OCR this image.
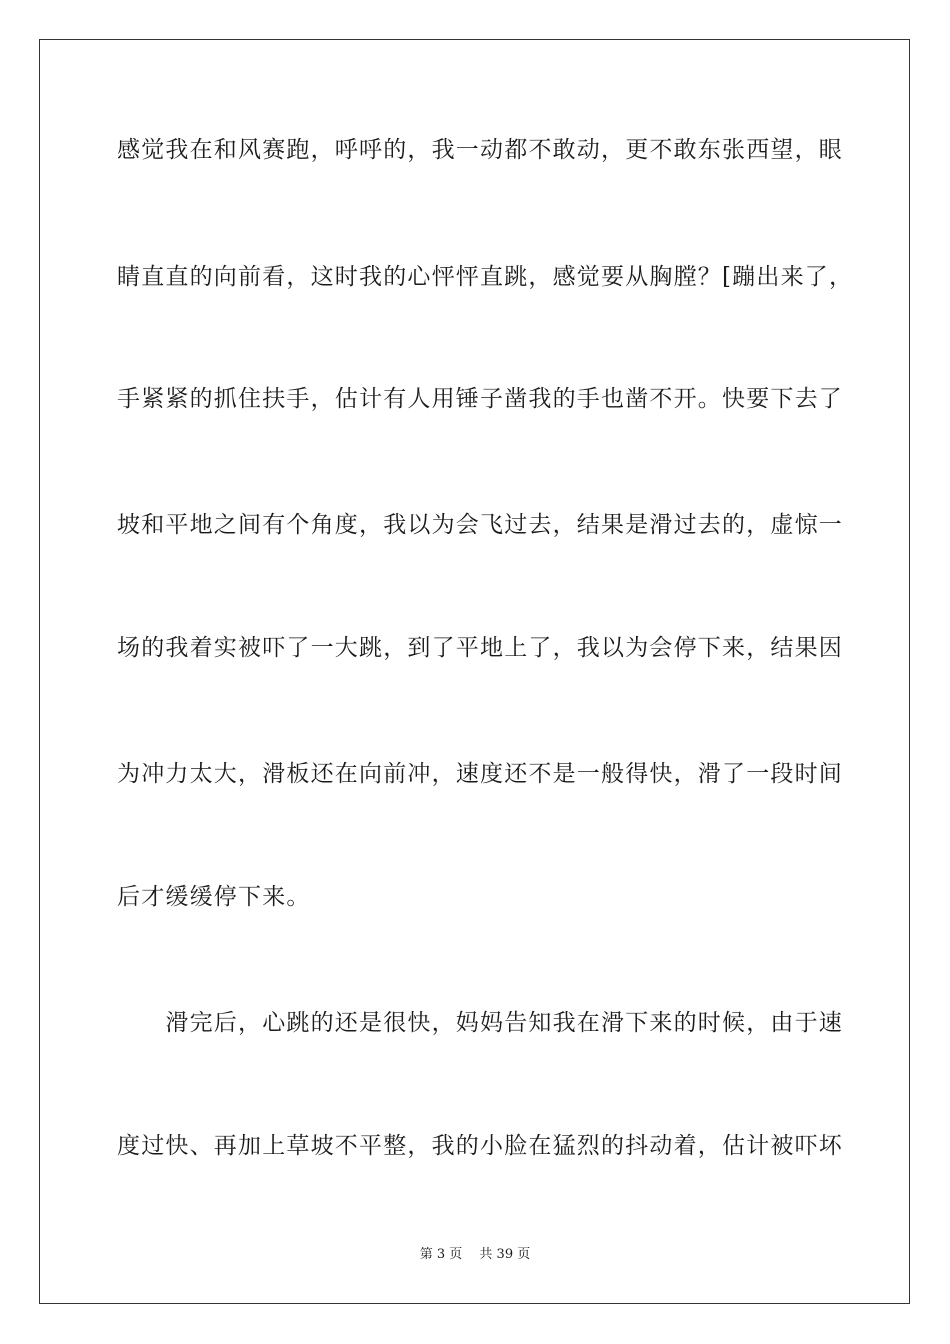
感觉我在和风赛跑，呼呼的，我一动都不敢动，更不敢东张西望，眼
睛直直的向前看，这时我的心怦怦直跳，感觉要从胸膛？[蹦出来了，
手紧紧的抓住扶手，估计有人用锤子凿我的手也凿不开。快要下去了
坡和平地之间有个角度，我以为会飞过去，结果是滑过去的，虚惊一
场的我着实被吓了一大跳，到了平地上了，我以为会停下来，结果因
为冲力太大，滑板还在向前冲，速度还不是一般得快，滑了一段时间
后才缓缓停下来。
　　滑完后，心跳的还是很快，妈妈告知我在滑下来的时候，由于速
度过快、再加上草坡不平整，我的小脸在猛烈的抖动着，估计被吓坏
第 3 页　 共 39 页
